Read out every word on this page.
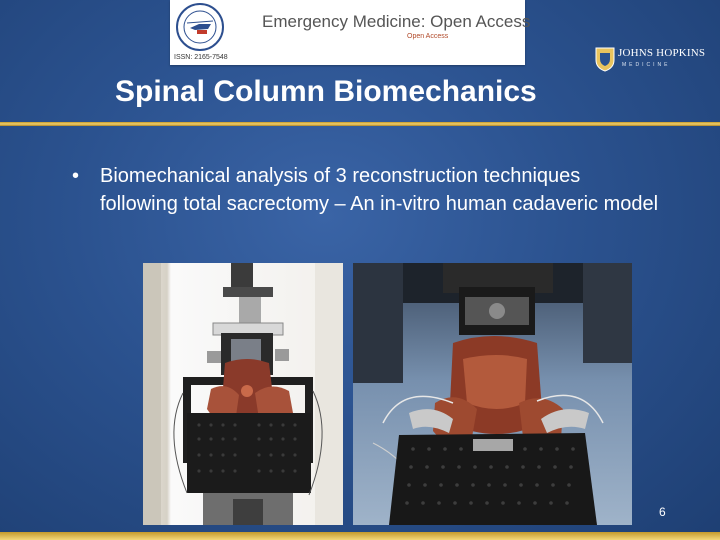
ISSN: 2165-7548
Emergency Medicine: Open Access
Open Access
JOHNS HOPKINS
MEDICINE
Spinal Column Biomechanics
•	Biomechanical analysis of 3 reconstruction techniques following total sacrectomy – An in-vitro human cadaveric model
6
